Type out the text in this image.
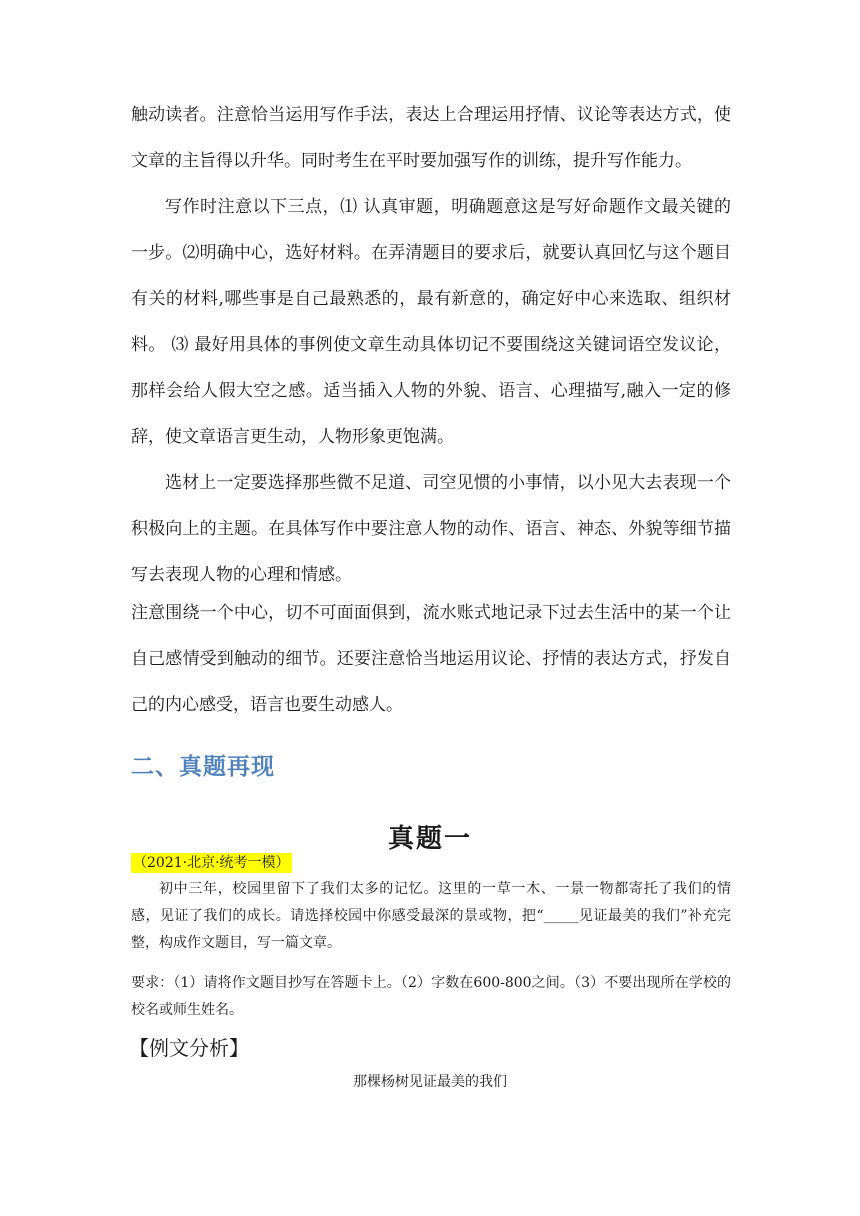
触动读者。注意恰当运用写作手法，表达上合理运用抒情、议论等表达方式，使文章的主旨得以升华。同时考生在平时要加强写作的训练，提升写作能力。

写作时注意以下三点，⑴ 认真审题，明确题意这是写好命题作文最关键的一步。⑵明确中心，选好材料。在弄清题目的要求后，就要认真回忆与这个题目有关的材料,哪些事是自己最熟悉的，最有新意的，确定好中心来选取、组织材料。 ⑶ 最好用具体的事例使文章生动具体切记不要围绕这关键词语空发议论，那样会给人假大空之感。适当插入人物的外貌、语言、心理描写,融入一定的修辞，使文章语言更生动，人物形象更饱满。

选材上一定要选择那些微不足道、司空见惯的小事情，以小见大去表现一个积极向上的主题。在具体写作中要注意人物的动作、语言、神态、外貌等细节描写去表现人物的心理和情感。

注意围绕一个中心，切不可面面俱到，流水账式地记录下过去生活中的某一个让自己感情受到触动的细节。还要注意恰当地运用议论、抒情的表达方式，抒发自己的内心感受，语言也要生动感人。

二、真题再现
真题一
（2021·北京·统考一模）

初中三年，校园里留下了我们太多的记忆。这里的一草一木、一景一物都寄托了我们的情感，见证了我们的成长。请选择校园中你感受最深的景或物，把“_____见证最美的我们”补充完整，构成作文题目，写一篇文章。

要求：（1）请将作文题目抄写在答题卡上。（2）字数在600-800之间。（3）不要出现所在学校的校名或师生姓名。

【例文分析】

那棵杨树见证最美的我们
